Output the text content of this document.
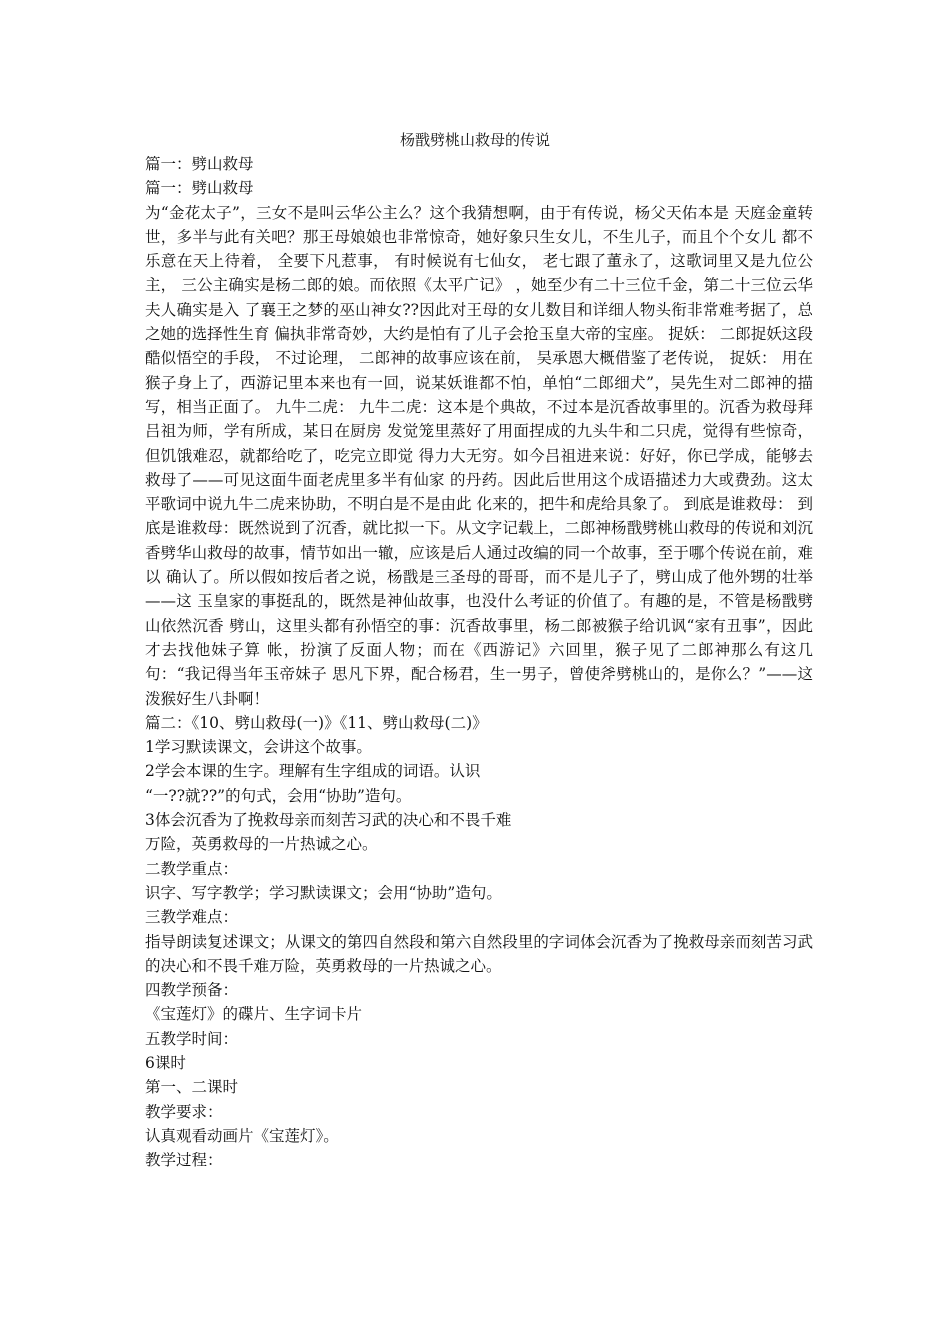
杨戬劈桃山救母的传说

篇一：劈山救母

篇一：劈山救母

为“金花太子”，三女不是叫云华公主么？这个我猜想啊，由于有传说，杨父天佑本是 天庭金童转世，多半与此有关吧？那王母娘娘也非常惊奇，她好象只生女儿，不生儿子，而且个个女儿 都不乐意在天上待着， 全要下凡惹事， 有时候说有七仙女， 老七跟了董永了，这歌词里又是九位公主， 三公主确实是杨二郎的娘。而依照《太平广记》 ，她至少有二十三位千金，第二十三位云华夫人确实是入 了襄王之梦的巫山神女??因此对王母的女儿数目和详细人物头衔非常难考据了，总之她的选择性生育 偏执非常奇妙，大约是怕有了儿子会抢玉皇大帝的宝座。 捉妖： 二郎捉妖这段酷似悟空的手段， 不过论理， 二郎神的故事应该在前， 吴承恩大概借鉴了老传说， 捉妖： 用在猴子身上了，西游记里本来也有一回，说某妖谁都不怕，单怕“二郎细犬”，吴先生对二郎神的描 写，相当正面了。 九牛二虎： 九牛二虎：这本是个典故，不过本是沉香故事里的。沉香为救母拜吕祖为师，学有所成，某日在厨房 发觉笼里蒸好了用面捏成的九头牛和二只虎，觉得有些惊奇，但饥饿难忍，就都给吃了，吃完立即觉 得力大无穷。如今吕祖进来说：好好，你已学成，能够去救母了——可见这面牛面老虎里多半有仙家 的丹药。因此后世用这个成语描述力大或费劲。这太平歌词中说九牛二虎来协助，不明白是不是由此 化来的，把牛和虎给具象了。 到底是谁救母： 到底是谁救母：既然说到了沉香，就比拟一下。从文字记载上，二郎神杨戬劈桃山救母的传说和刘沉 香劈华山救母的故事，情节如出一辙，应该是后人通过改编的同一个故事，至于哪个传说在前，难以 确认了。所以假如按后者之说，杨戬是三圣母的哥哥，而不是儿子了，劈山成了他外甥的壮举——这 玉皇家的事挺乱的，既然是神仙故事，也没什么考证的价值了。有趣的是，不管是杨戬劈山依然沉香 劈山，这里头都有孙悟空的事：沉香故事里，杨二郎被猴子给讥讽“家有丑事”，因此才去找他妹子算 帐，扮演了反面人物；而在《西游记》六回里，猴子见了二郎神那么有这几句：“我记得当年玉帝妹子 思凡下界，配合杨君，生一男子，曾使斧劈桃山的，是你么？”——这泼猴好生八卦啊！

篇二：《10、劈山救母(一)》《11、劈山救母(二)》

1学习默读课文，会讲这个故事。

2学会本课的生字。理解有生字组成的词语。认识

“一??就??”的句式，会用“协助”造句。

3体会沉香为了挽救母亲而刻苦习武的决心和不畏千难

万险，英勇救母的一片热诚之心。

二教学重点：

识字、写字教学；学习默读课文；会用“协助”造句。

三教学难点：

指导朗读复述课文；从课文的第四自然段和第六自然段里的字词体会沉香为了挽救母亲而刻苦习武的决心和不畏千难万险，英勇救母的一片热诚之心。

四教学预备：

《宝莲灯》的碟片、生字词卡片

五教学时间：

6课时

第一、二课时

教学要求：

认真观看动画片《宝莲灯》。

教学过程：
